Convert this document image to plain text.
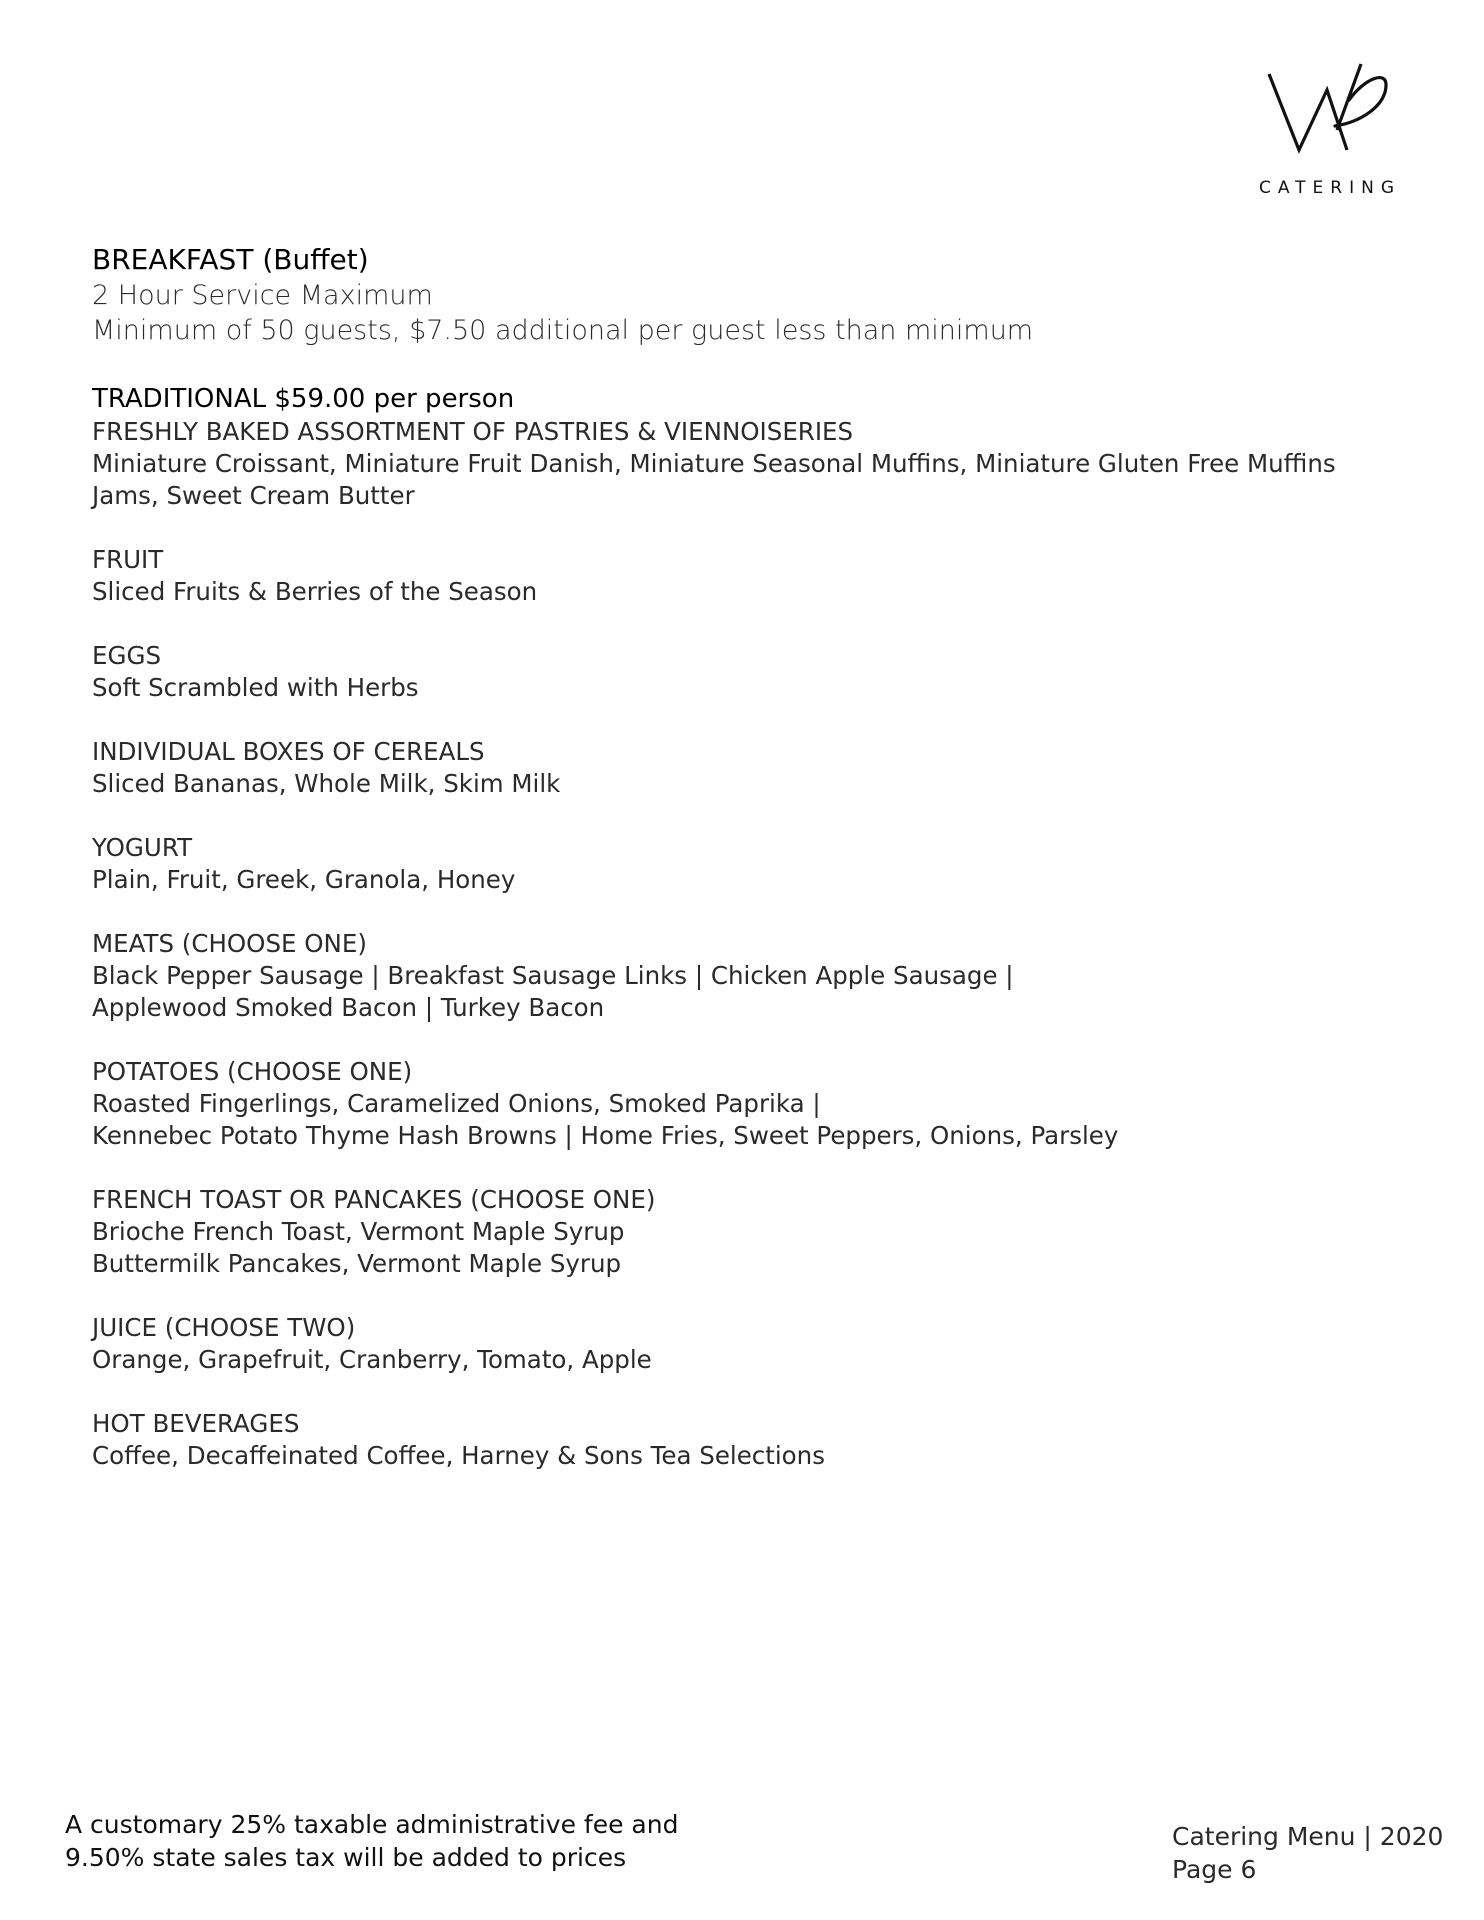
CATERING
BREAKFAST (Buffet)
2 Hour Service Maximum
Minimum of 50 guests, $7.50 additional per guest less than minimum
TRADITIONAL $59.00 per person
FRESHLY BAKED ASSORTMENT OF PASTRIES & VIENNOISERIES
Miniature Croissant, Miniature Fruit Danish, Miniature Seasonal Muffins, Miniature Gluten Free Muffins
Jams, Sweet Cream Butter
FRUIT
Sliced Fruits & Berries of the Season
EGGS
Soft Scrambled with Herbs
INDIVIDUAL BOXES OF CEREALS
Sliced Bananas, Whole Milk, Skim Milk
YOGURT
Plain, Fruit, Greek, Granola, Honey
MEATS (CHOOSE ONE)
Black Pepper Sausage | Breakfast Sausage Links | Chicken Apple Sausage |
Applewood Smoked Bacon | Turkey Bacon
POTATOES (CHOOSE ONE)
Roasted Fingerlings, Caramelized Onions, Smoked Paprika |
Kennebec Potato Thyme Hash Browns | Home Fries, Sweet Peppers, Onions, Parsley
FRENCH TOAST OR PANCAKES (CHOOSE ONE)
Brioche French Toast, Vermont Maple Syrup
Buttermilk Pancakes, Vermont Maple Syrup
JUICE (CHOOSE TWO)
Orange, Grapefruit, Cranberry, Tomato, Apple
HOT BEVERAGES
Coffee, Decaffeinated Coffee, Harney & Sons Tea Selections
A customary 25% taxable administrative fee and
9.50% state sales tax will be added to prices
Catering Menu | 2020
Page 6
